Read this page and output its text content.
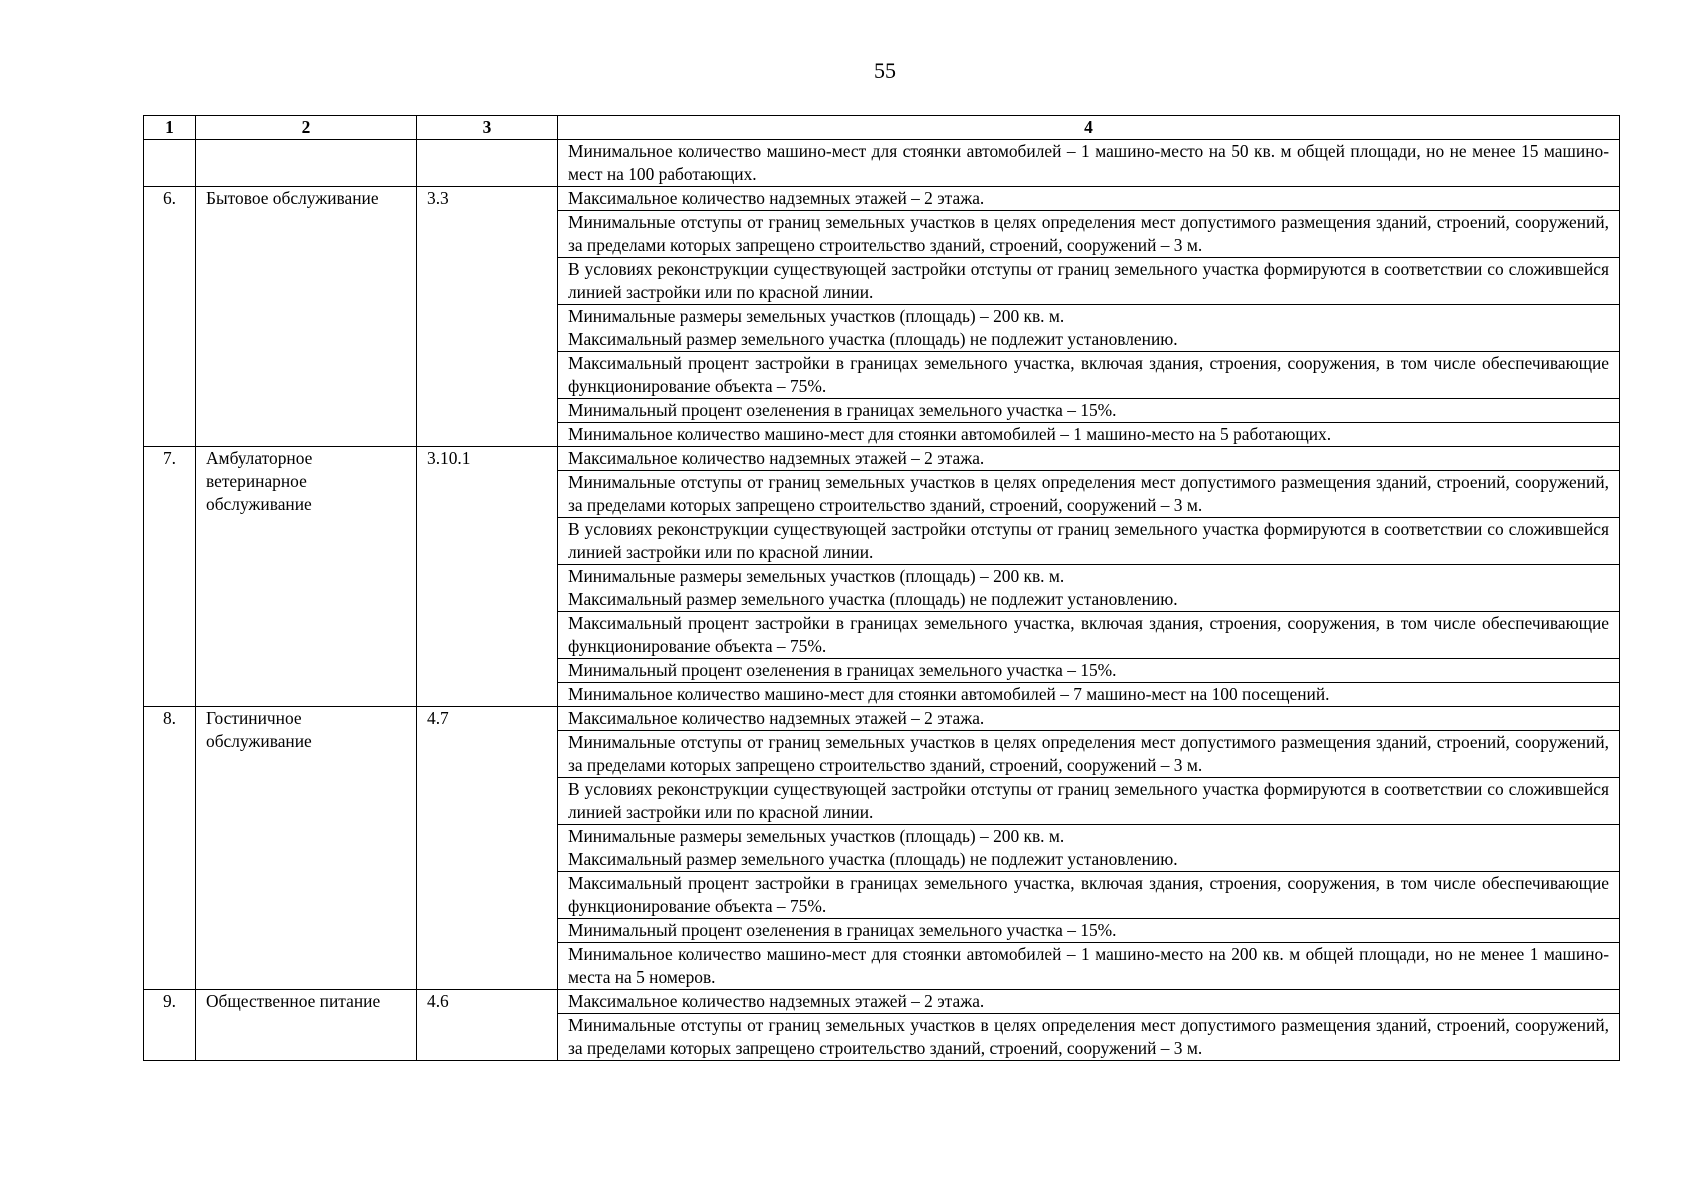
55
1	2	3	4
			Минимальное количество машино-мест для стоянки автомобилей – 1 машино-место на 50 кв. м общей площади, но не менее 15 машино-мест на 100 работающих.
6.	Бытовое обслуживание	3.3	Максимальное количество надземных этажей – 2 этажа.

			Минимальные отступы от границ земельных участков в целях определения мест допустимого размещения зданий, строений, сооружений, за пределами которых запрещено строительство зданий, строений, сооружений – 3 м.

			В условиях реконструкции существующей застройки отступы от границ земельного участка формируются в соответствии со сложившейся линией застройки или по красной линии.

			Минимальные размеры земельных участков (площадь) – 200 кв. м.
Максимальный размер земельного участка (площадь) не подлежит установлению.

			Максимальный процент застройки в границах земельного участка, включая здания, строения, сооружения, в том числе обеспечивающие функционирование объекта – 75%.

			Минимальный процент озеленения в границах земельного участка – 15%.

			Минимальное количество машино-мест для стоянки автомобилей – 1 машино-место на 5 работающих.

7.	Амбулаторное ветеринарное обслуживание	3.10.1	Максимальное количество надземных этажей – 2 этажа.

			Минимальные отступы от границ земельных участков в целях определения мест допустимого размещения зданий, строений, сооружений, за пределами которых запрещено строительство зданий, строений, сооружений – 3 м.

			В условиях реконструкции существующей застройки отступы от границ земельного участка формируются в соответствии со сложившейся линией застройки или по красной линии.

			Минимальные размеры земельных участков (площадь) – 200 кв. м.
Максимальный размер земельного участка (площадь) не подлежит установлению.

			Максимальный процент застройки в границах земельного участка, включая здания, строения, сооружения, в том числе обеспечивающие функционирование объекта – 75%.

			Минимальный процент озеленения в границах земельного участка – 15%.

			Минимальное количество машино-мест для стоянки автомобилей – 7 машино-мест на 100 посещений.

8.	Гостиничное обслуживание	4.7	Максимальное количество надземных этажей – 2 этажа.

			Минимальные отступы от границ земельных участков в целях определения мест допустимого размещения зданий, строений, сооружений, за пределами которых запрещено строительство зданий, строений, сооружений – 3 м.

			В условиях реконструкции существующей застройки отступы от границ земельного участка формируются в соответствии со сложившейся линией застройки или по красной линии.

			Минимальные размеры земельных участков (площадь) – 200 кв. м.
Максимальный размер земельного участка (площадь) не подлежит установлению.

			Максимальный процент застройки в границах земельного участка, включая здания, строения, сооружения, в том числе обеспечивающие функционирование объекта – 75%.

			Минимальный процент озеленения в границах земельного участка – 15%.

			Минимальное количество машино-мест для стоянки автомобилей – 1 машино-место на 200 кв. м общей площади, но не менее 1 машино-места на 5 номеров.

9.	Общественное питание	4.6	Максимальное количество надземных этажей – 2 этажа.

			Минимальные отступы от границ земельных участков в целях определения мест допустимого размещения зданий, строений, сооружений, за пределами которых запрещено строительство зданий, строений, сооружений – 3 м.
